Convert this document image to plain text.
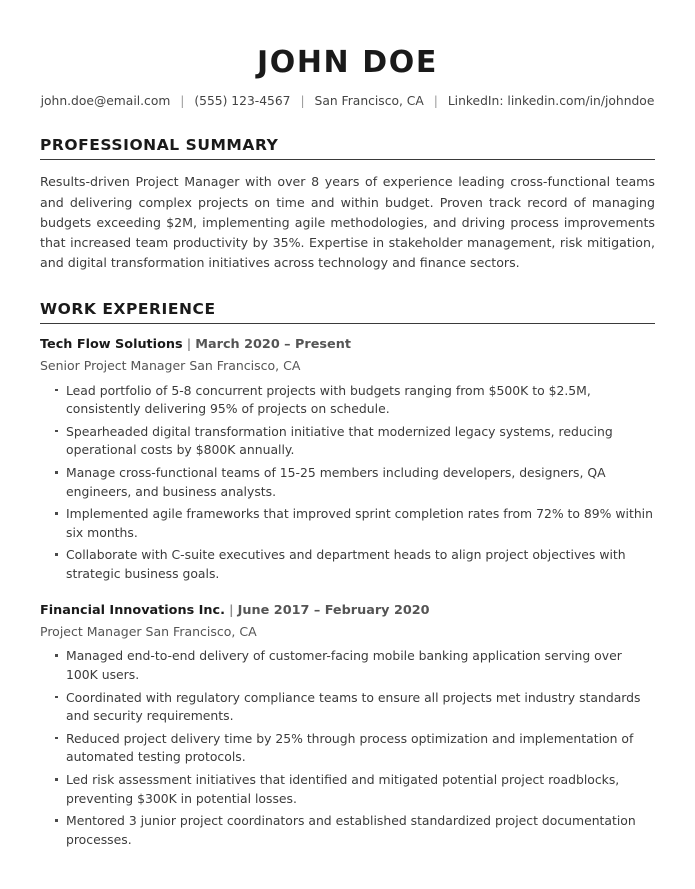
JOHN DOE
john.doe@email.com | (555) 123-4567 | San Francisco, CA | LinkedIn: linkedin.com/in/johndoe
PROFESSIONAL SUMMARY

Results-driven Project Manager with over 8 years of experience leading cross-functional teams and delivering complex projects on time and within budget. Proven track record of managing budgets exceeding $2M, implementing agile methodologies, and driving process improvements that increased team productivity by 35%. Expertise in stakeholder management, risk mitigation, and digital transformation initiatives across technology and finance sectors.

WORK EXPERIENCE
Tech Flow Solutions | March 2020 – Present
Senior Project Manager San Francisco, CA
Lead portfolio of 5-8 concurrent projects with budgets ranging from $500K to $2.5M, consistently delivering 95% of projects on schedule.
Spearheaded digital transformation initiative that modernized legacy systems, reducing operational costs by $800K annually.
Manage cross-functional teams of 15-25 members including developers, designers, QA engineers, and business analysts.
Implemented agile frameworks that improved sprint completion rates from 72% to 89% within six months.
Collaborate with C-suite executives and department heads to align project objectives with strategic business goals.
Financial Innovations Inc. | June 2017 – February 2020
Project Manager San Francisco, CA
Managed end-to-end delivery of customer-facing mobile banking application serving over 100K users.
Coordinated with regulatory compliance teams to ensure all projects met industry standards and security requirements.
Reduced project delivery time by 25% through process optimization and implementation of automated testing protocols.
Led risk assessment initiatives that identified and mitigated potential project roadblocks, preventing $300K in potential losses.
Mentored 3 junior project coordinators and established standardized project documentation processes.
